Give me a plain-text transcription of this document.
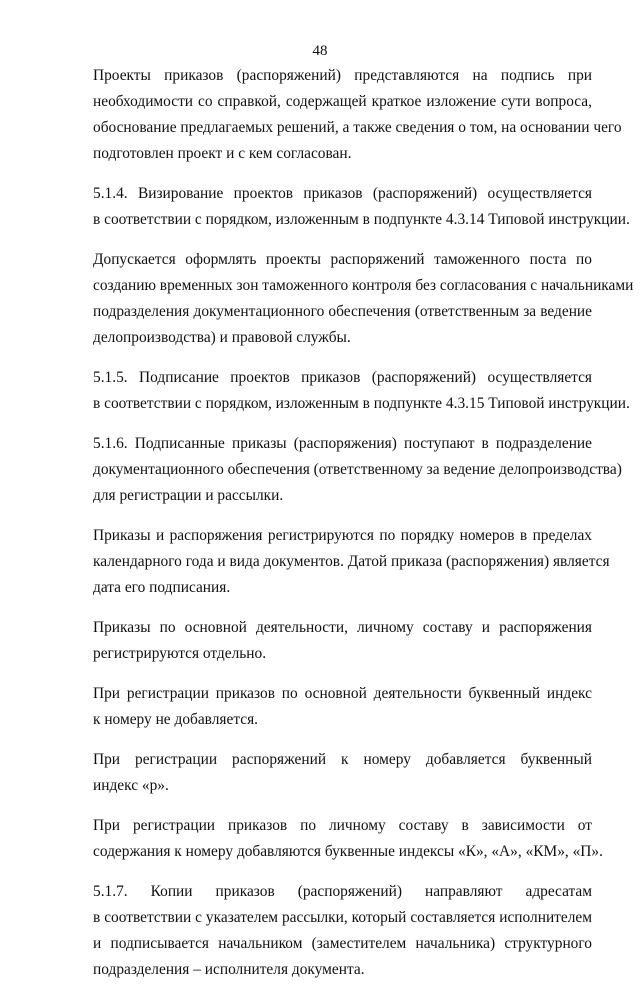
48
Проекты приказов (распоряжений) представляются на подпись при
необходимости со справкой, содержащей краткое изложение сути вопроса,
обоснование предлагаемых решений, а также сведения о том, на основании чего
подготовлен проект и с кем согласован.
5.1.4. Визирование проектов приказов (распоряжений) осуществляется
в соответствии с порядком, изложенным в подпункте 4.3.14 Типовой инструкции.
Допускается оформлять проекты распоряжений таможенного поста по
созданию временных зон таможенного контроля без согласования с начальниками
подразделения документационного обеспечения (ответственным за ведение
делопроизводства) и правовой службы.
5.1.5. Подписание проектов приказов (распоряжений) осуществляется
в соответствии с порядком, изложенным в подпункте 4.3.15 Типовой инструкции.
5.1.6. Подписанные приказы (распоряжения) поступают в подразделение
документационного обеспечения (ответственному за ведение делопроизводства)
для регистрации и рассылки.
Приказы и распоряжения регистрируются по порядку номеров в пределах
календарного года и вида документов. Датой приказа (распоряжения) является
дата его подписания.
Приказы по основной деятельности, личному составу и распоряжения
регистрируются отдельно.
При регистрации приказов по основной деятельности буквенный индекс
к номеру не добавляется.
При регистрации распоряжений к номеру добавляется буквенный
индекс «р».
При регистрации приказов по личному составу в зависимости от
содержания к номеру добавляются буквенные индексы «К», «А», «КМ», «П».
5.1.7. Копии приказов (распоряжений) направляют адресатам
в соответствии с указателем рассылки, который составляется исполнителем
и подписывается начальником (заместителем начальника) структурного
подразделения – исполнителя документа.
